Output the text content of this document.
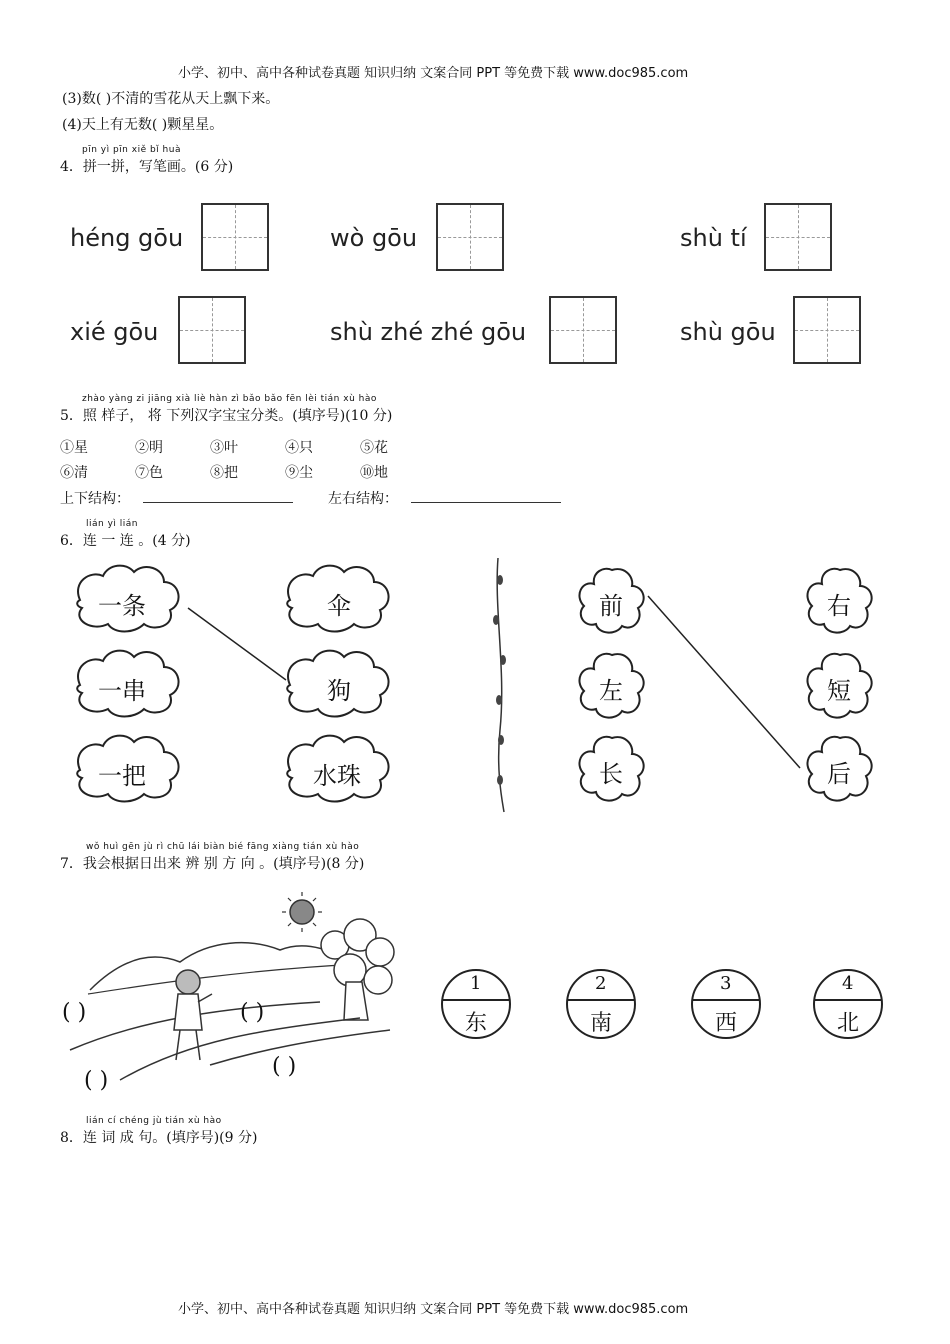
小学、初中、高中各种试卷真题 知识归纳 文案合同 PPT 等免费下载 www.doc985.com
小学、初中、高中各种试卷真题 知识归纳 文案合同 PPT 等免费下载 www.doc985.com
(3)数( )不清的雪花从天上飘下来。
(4)天上有无数( )颗星星。
pīn yì pīn xiě bǐ huà
4．拼一拼，写笔画。(6 分)
héng gōu	wò gōu	shù tí
xié gōu	shù zhé zhé gōu	shù gōu
zhào yàng zi jiāng xià liè hàn zì bǎo bǎo fēn lèi tián xù hào
5．照 样子， 将 下列汉字宝宝分类。(填序号)(10 分)
①星	②明	③叶	④只	⑤花
⑥清	⑦色	⑧把	⑨尘	⑩地
上下结构：	左右结构：
lián yì lián
6．连 一 连 。(4 分)
一条
一串
一把
伞
狗
水珠
前
左
长
右
短
后
wǒ huì gēn jù rì chū lái biàn bié fāng xiàng tián xù hào
7．我会根据日出来 辨 别 方 向 。(填序号)(8 分)
( )	( )
( )
( )
1
东
2
南
3
西
4
北
lián cí chéng jù tián xù hào
8．连 词 成 句。(填序号)(9 分)
